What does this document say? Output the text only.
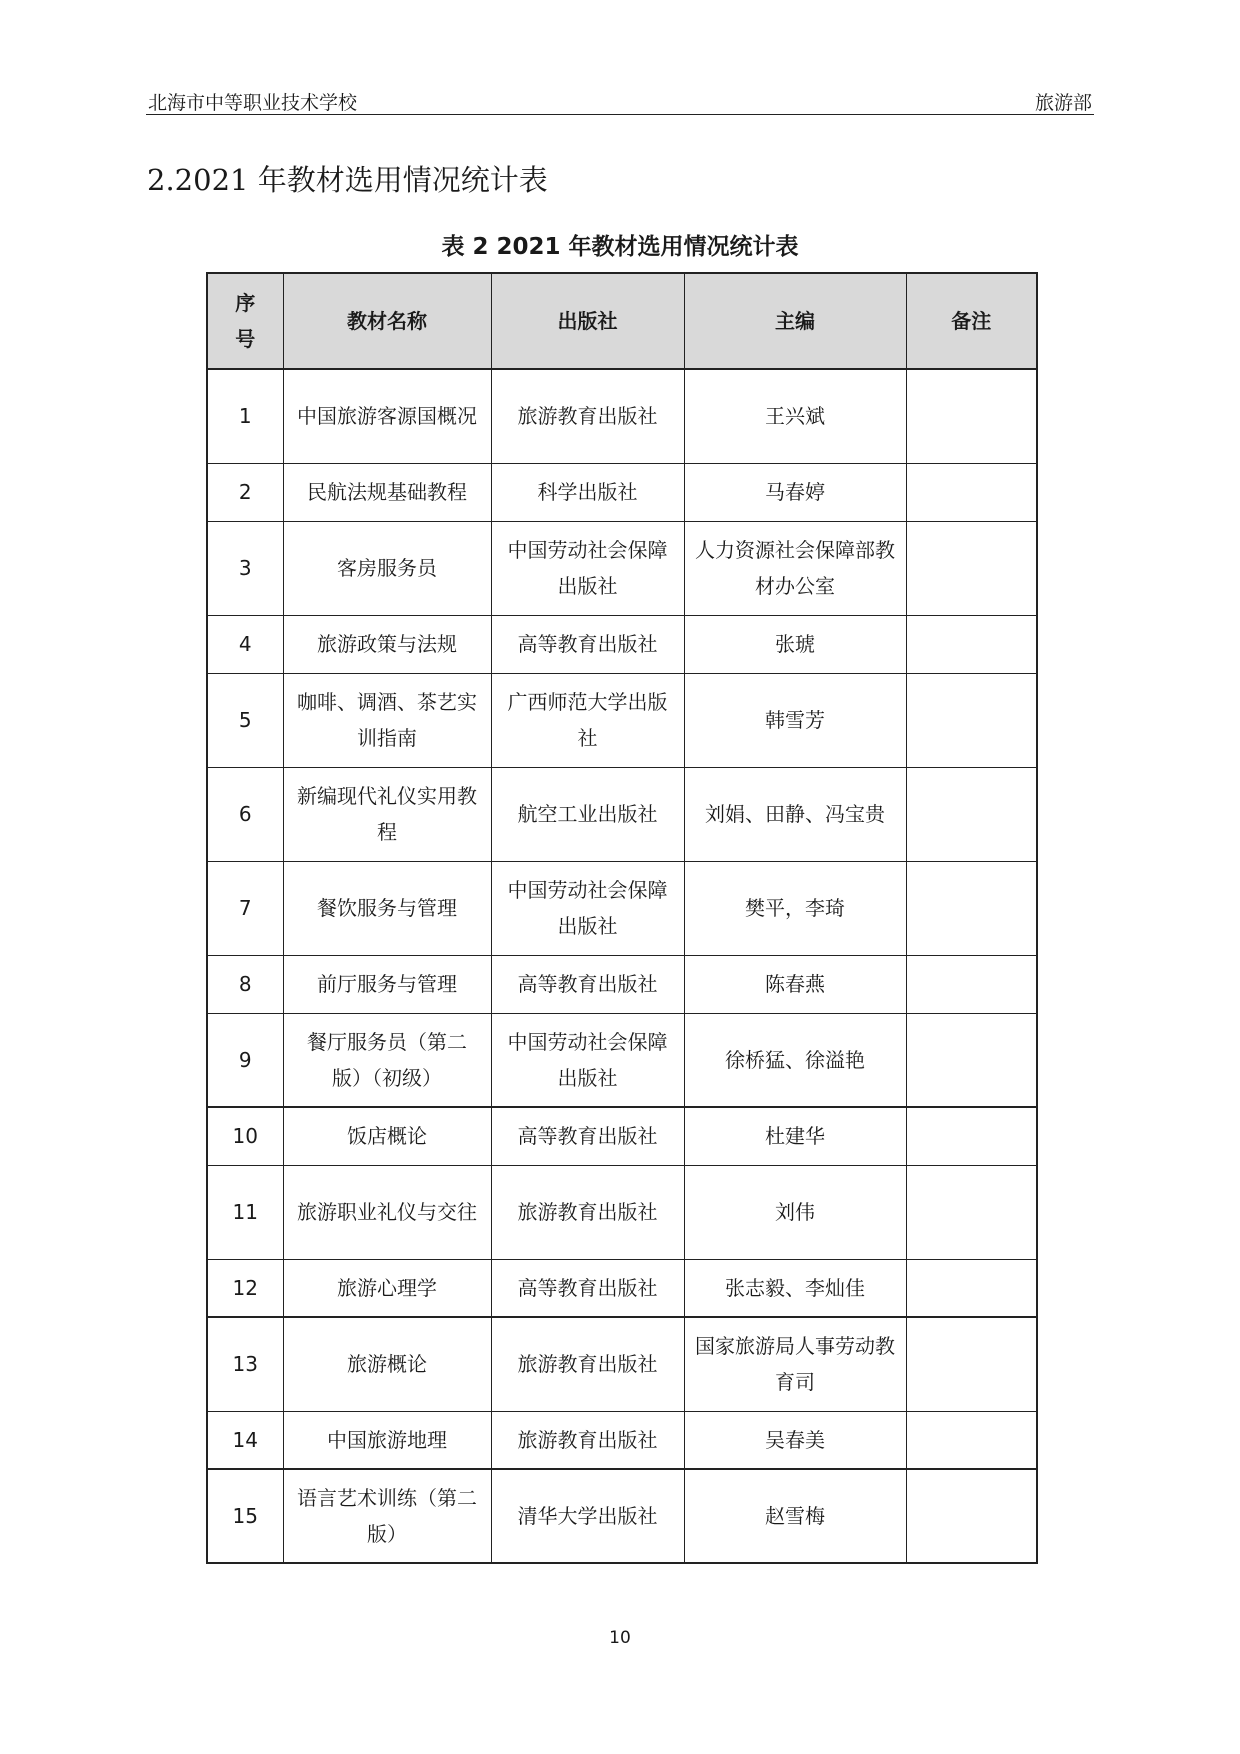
北海市中等职业技术学校	旅游部
2.2021 年教材选用情况统计表
表 2 2021 年教材选用情况统计表
序号	教材名称	出版社	主编	备注
1	中国旅游客源国概况	旅游教育出版社	王兴斌	
2	民航法规基础教程	科学出版社	马春婷	
3	客房服务员	中国劳动社会保障出版社	人力资源社会保障部教材办公室	
4	旅游政策与法规	高等教育出版社	张琥	
5	咖啡、调酒、茶艺实训指南	广西师范大学出版社	韩雪芳	
6	新编现代礼仪实用教程	航空工业出版社	刘娟、田静、冯宝贵	
7	餐饮服务与管理	中国劳动社会保障出版社	樊平，李琦	
8	前厅服务与管理	高等教育出版社	陈春燕	
9	餐厅服务员（第二版）（初级）	中国劳动社会保障出版社	徐桥猛、徐溢艳	
10	饭店概论	高等教育出版社	杜建华	
11	旅游职业礼仪与交往	旅游教育出版社	刘伟	
12	旅游心理学	高等教育出版社	张志毅、李灿佳	
13	旅游概论	旅游教育出版社	国家旅游局人事劳动教育司	
14	中国旅游地理	旅游教育出版社	吴春美	
15	语言艺术训练（第二版）	清华大学出版社	赵雪梅	
10
